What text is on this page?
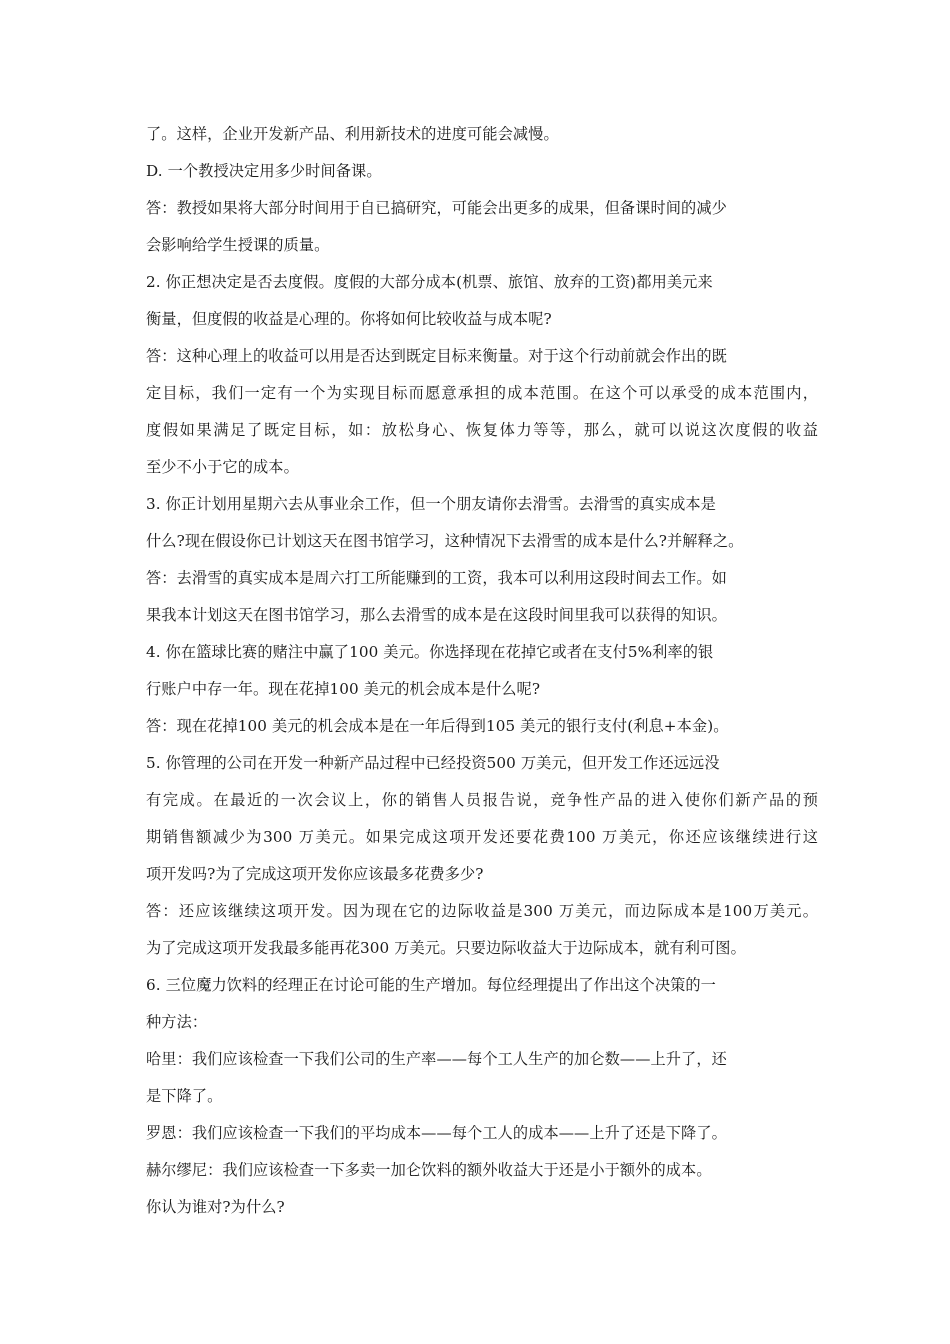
了。这样，企业开发新产品、利用新技术的进度可能会减慢。
D. 一个教授决定用多少时间备课。
答：教授如果将大部分时间用于自已搞研究，可能会出更多的成果，但备课时间的减少
会影响给学生授课的质量。
2. 你正想决定是否去度假。度假的大部分成本(机票、旅馆、放弃的工资)都用美元来
衡量，但度假的收益是心理的。你将如何比较收益与成本呢?
答：这种心理上的收益可以用是否达到既定目标来衡量。对于这个行动前就会作出的既
定目标，我们一定有一个为实现目标而愿意承担的成本范围。在这个可以承受的成本范围内，
度假如果满足了既定目标，如：放松身心、恢复体力等等，那么，就可以说这次度假的收益
至少不小于它的成本。
3. 你正计划用星期六去从事业余工作，但一个朋友请你去滑雪。去滑雪的真实成本是
什么?现在假设你已计划这天在图书馆学习，这种情况下去滑雪的成本是什么?并解释之。
答：去滑雪的真实成本是周六打工所能赚到的工资，我本可以利用这段时间去工作。如
果我本计划这天在图书馆学习，那么去滑雪的成本是在这段时间里我可以获得的知识。
4. 你在篮球比赛的赌注中赢了100 美元。你选择现在花掉它或者在支付5%利率的银
行账户中存一年。现在花掉100 美元的机会成本是什么呢?
答：现在花掉100 美元的机会成本是在一年后得到105 美元的银行支付(利息+本金)。
5. 你管理的公司在开发一种新产品过程中已经投资500 万美元，但开发工作还远远没
有完成。在最近的一次会议上，你的销售人员报告说，竞争性产品的进入使你们新产品的预
期销售额减少为300 万美元。如果完成这项开发还要花费100 万美元，你还应该继续进行这
项开发吗?为了完成这项开发你应该最多花费多少?
答：还应该继续这项开发。因为现在它的边际收益是300 万美元，而边际成本是100万美元。
为了完成这项开发我最多能再花300 万美元。只要边际收益大于边际成本，就有利可图。
6. 三位魔力饮料的经理正在讨论可能的生产增加。每位经理提出了作出这个决策的一
种方法：
哈里：我们应该检查一下我们公司的生产率——每个工人生产的加仑数——上升了，还
是下降了。
罗恩：我们应该检查一下我们的平均成本——每个工人的成本——上升了还是下降了。
赫尔缪尼：我们应该检查一下多卖一加仑饮料的额外收益大于还是小于额外的成本。
你认为谁对?为什么?
